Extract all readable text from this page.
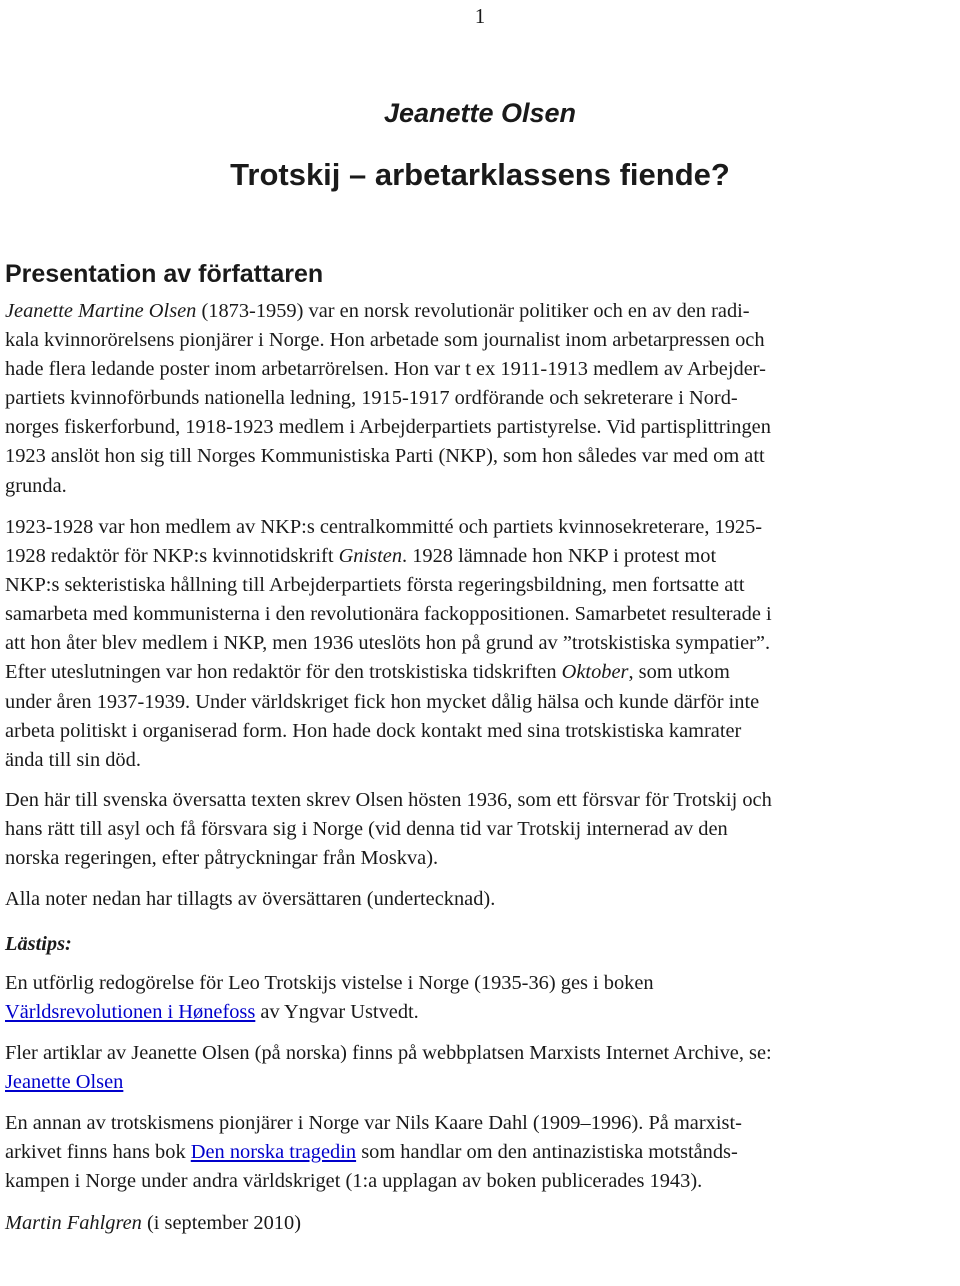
1
Jeanette Olsen
Trotskij – arbetarklassens fiende?
Presentation av författaren

Jeanette Martine Olsen (1873-1959) var en norsk revolutionär politiker och en av den radi-
kala kvinnorörelsens pionjärer i Norge. Hon arbetade som journalist inom arbetarpressen och
hade flera ledande poster inom arbetarrörelsen. Hon var t ex 1911-1913 medlem av Arbejder-
partiets kvinnoförbunds nationella ledning, 1915-1917 ordförande och sekreterare i Nord-
norges fiskerforbund, 1918-1923 medlem i Arbejderpartiets partistyrelse. Vid partisplittringen
1923 anslöt hon sig till Norges Kommunistiska Parti (NKP), som hon således var med om att
grunda.

1923-1928 var hon medlem av NKP:s centralkommitté och partiets kvinnosekreterare, 1925-
1928 redaktör för NKP:s kvinnotidskrift Gnisten. 1928 lämnade hon NKP i protest mot
NKP:s sekteristiska hållning till Arbejderpartiets första regeringsbildning, men fortsatte att
samarbeta med kommunisterna i den revolutionära fackoppositionen. Samarbetet resulterade i
att hon åter blev medlem i NKP, men 1936 uteslöts hon på grund av ”trotskistiska sympatier”.
Efter uteslutningen var hon redaktör för den trotskistiska tidskriften Oktober, som utkom
under åren 1937-1939. Under världskriget fick hon mycket dålig hälsa och kunde därför inte
arbeta politiskt i organiserad form. Hon hade dock kontakt med sina trotskistiska kamrater
ända till sin död.

Den här till svenska översatta texten skrev Olsen hösten 1936, som ett försvar för Trotskij och
hans rätt till asyl och få försvara sig i Norge (vid denna tid var Trotskij internerad av den
norska regeringen, efter påtryckningar från Moskva).

Alla noter nedan har tillagts av översättaren (undertecknad).

Lästips:

En utförlig redogörelse för Leo Trotskijs vistelse i Norge (1935-36) ges i boken
Världsrevolutionen i Hønefoss av Yngvar Ustvedt.

Fler artiklar av Jeanette Olsen (på norska) finns på webbplatsen Marxists Internet Archive, se:
Jeanette Olsen

En annan av trotskismens pionjärer i Norge var Nils Kaare Dahl (1909–1996). På marxist-
arkivet finns hans bok Den norska tragedin som handlar om den antinazistiska motstånds-
kampen i Norge under andra världskriget (1:a upplagan av boken publicerades 1943).

Martin Fahlgren (i september 2010)
